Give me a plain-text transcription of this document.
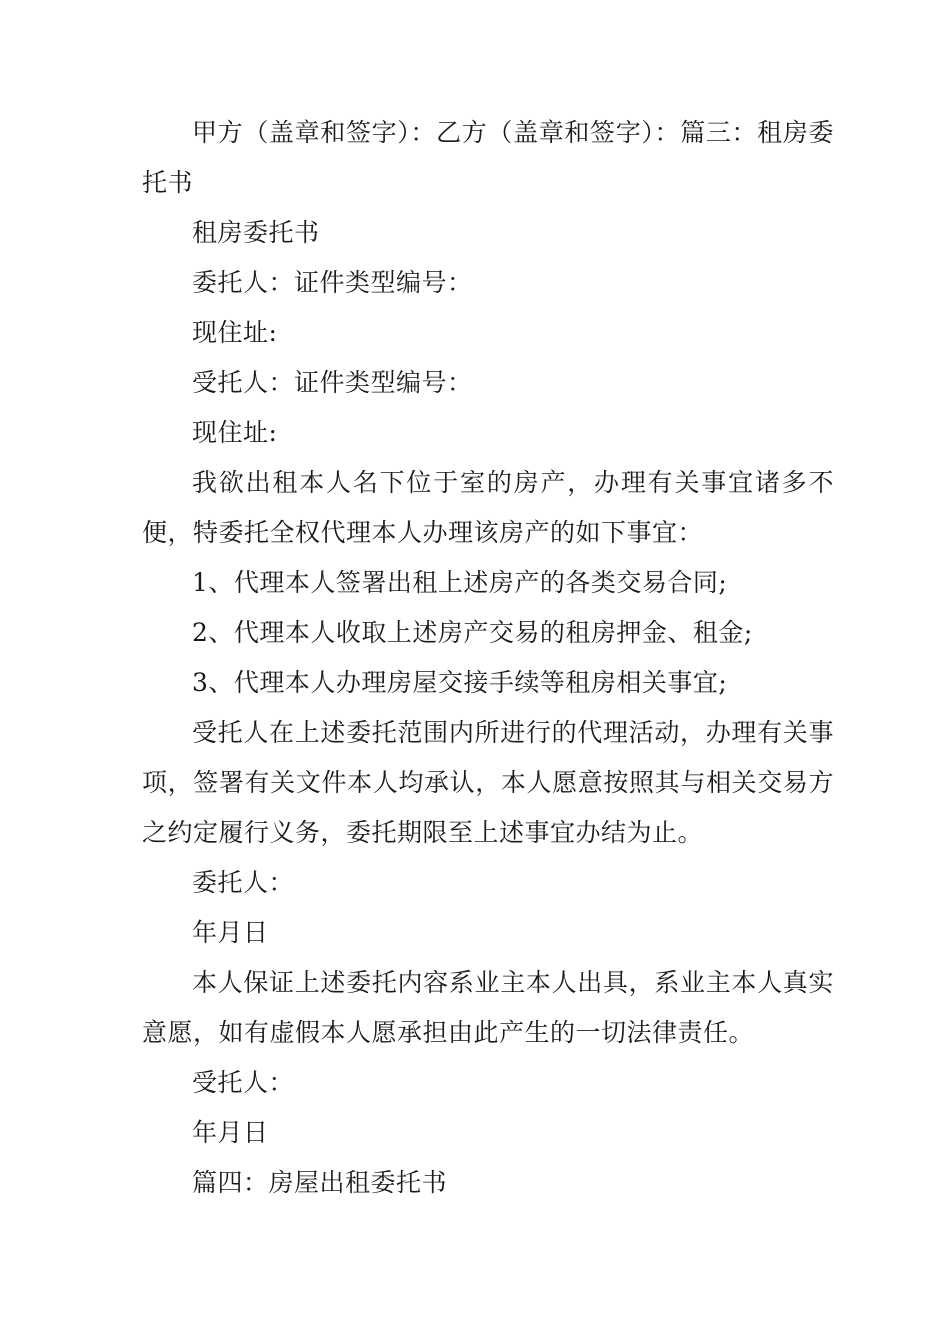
甲方（盖章和签字）：乙方（盖章和签字）：篇三：租房委托书

租房委托书

委托人：证件类型编号：

现住址:

受托人：证件类型编号：

现住址:

我欲出租本人名下位于室的房产，办理有关事宜诸多不便，特委托全权代理本人办理该房产的如下事宜：

1、代理本人签署出租上述房产的各类交易合同;

2、代理本人收取上述房产交易的租房押金、租金;

3、代理本人办理房屋交接手续等租房相关事宜;

受托人在上述委托范围内所进行的代理活动，办理有关事项，签署有关文件本人均承认，本人愿意按照其与相关交易方之约定履行义务，委托期限至上述事宜办结为止。

委托人：

年月日

本人保证上述委托内容系业主本人出具，系业主本人真实意愿，如有虚假本人愿承担由此产生的一切法律责任。

受托人：

年月日

篇四：房屋出租委托书
